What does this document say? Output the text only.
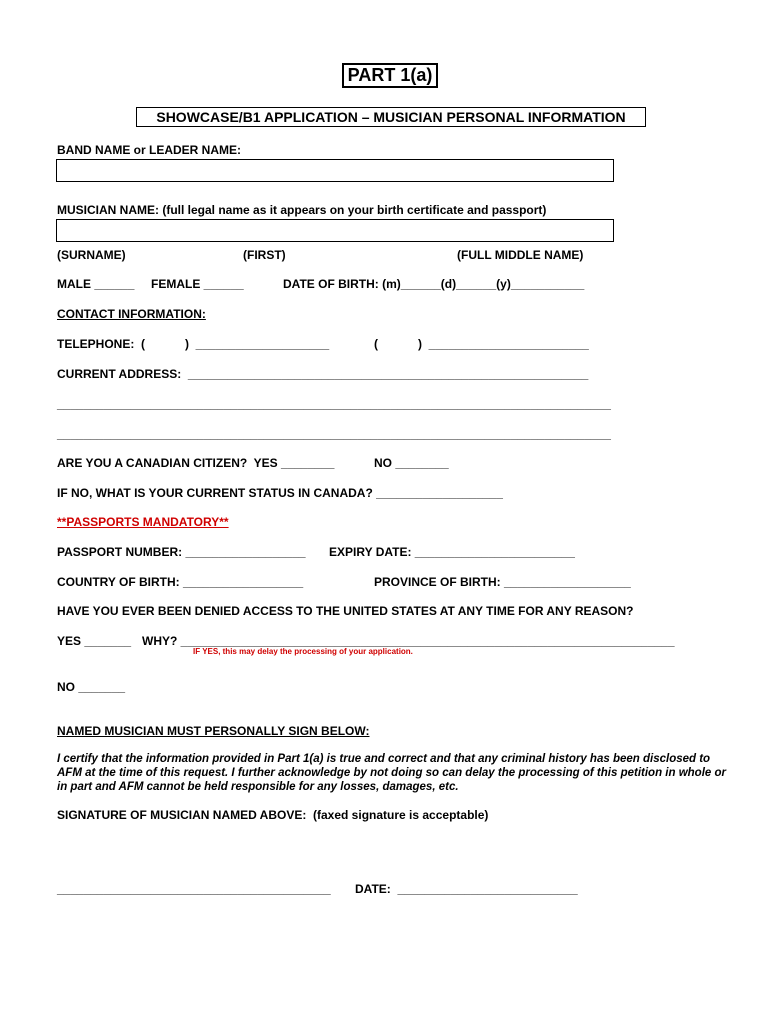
PART 1(a)
SHOWCASE/B1 APPLICATION – MUSICIAN PERSONAL INFORMATION
BAND NAME or LEADER NAME:
MUSICIAN NAME: (full legal name as it appears on your birth certificate and passport)
(SURNAME)	(FIRST)	(FULL MIDDLE NAME)
MALE ______ FEMALE ______	DATE OF BIRTH: (m)______(d)______(y)___________
CONTACT INFORMATION:
TELEPHONE:  (            )  ____________________	(            )  ________________________
CURRENT ADDRESS:  ____________________________________________________________
___________________________________________________________________________________
___________________________________________________________________________________
ARE YOU A CANADIAN CITIZEN?  YES ________	NO ________
IF NO, WHAT IS YOUR CURRENT STATUS IN CANADA? ___________________
**PASSPORTS MANDATORY**
PASSPORT NUMBER: __________________ EXPIRY DATE: ________________________
COUNTRY OF BIRTH: __________________	PROVINCE OF BIRTH: ___________________
HAVE YOU EVER BEEN DENIED ACCESS TO THE UNITED STATES AT ANY TIME FOR ANY REASON?
YES _______ WHY? __________________________________________________________________________
IF YES, this may delay the processing of your application.
NO _______
NAMED MUSICIAN MUST PERSONALLY SIGN BELOW:
I certify that the information provided in Part 1(a) is true and correct and that any criminal history has been disclosed to AFM at the time of this request. I further acknowledge by not doing so can delay the processing of this petition in whole or in part and AFM cannot be held responsible for any losses, damages, etc.
SIGNATURE OF MUSICIAN NAMED ABOVE:  (faxed signature is acceptable)
_________________________________________ DATE:  ___________________________
